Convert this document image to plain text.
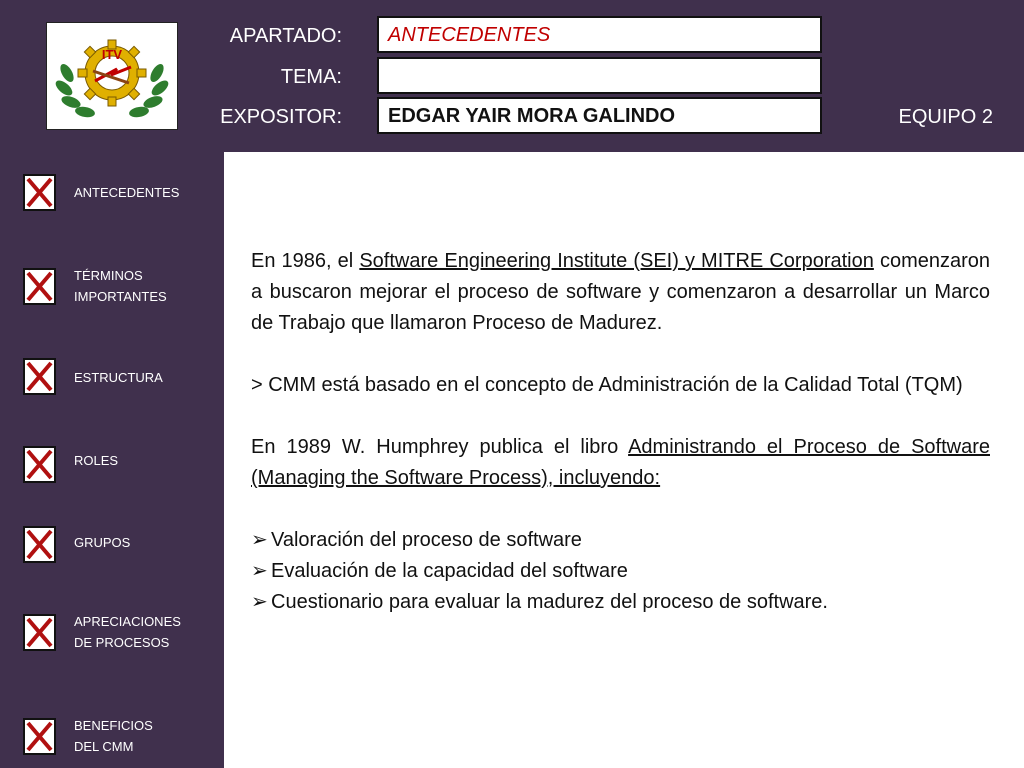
ITV
APARTADO:
TEMA:
EXPOSITOR:
ANTECEDENTES
EDGAR YAIR MORA GALINDO	EQUIPO 2
ANTECEDENTES
TÉRMINOS
IMPORTANTES
ESTRUCTURA
ROLES
GRUPOS
APRECIACIONES
DE PROCESOS
BENEFICIOS
DEL CMM

En 1986, el Software Engineering Institute (SEI) y MITRE Corporation comenzaron a buscaron mejorar el proceso de software y comenzaron a desarrollar un Marco de Trabajo que llamaron Proceso de Madurez.

> CMM está basado en el concepto de Administración de la Calidad Total (TQM)

En 1989 W. Humphrey publica el libro Administrando el Proceso de Software (Managing the Software Process), incluyendo:

➢ Valoración del proceso de software

➢ Evaluación de la capacidad del software

➢ Cuestionario para evaluar la madurez del proceso de software.
